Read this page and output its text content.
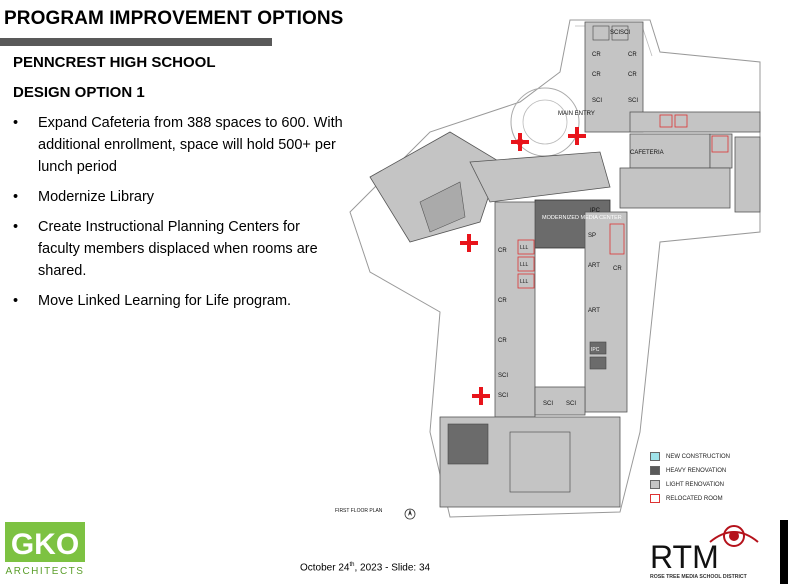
PROGRAM IMPROVEMENT OPTIONS
PENNCREST HIGH SCHOOL
DESIGN OPTION 1
• Expand Cafeteria from 388 spaces to 600. With additional enrollment, space will hold 500+ per lunch period
• Modernize Library
• Create Instructional Planning Centers for faculty members displaced when rooms are shared.
• Move Linked Learning for Life program.
SCI SCI
CR	CR
CR	CR
SCI	SCI
MAIN ENTRY
CAFETERIA
MODERNIZED MEDIA CENTER
LLL
LLL
LLL
CR
CR
CR
SCI
SCI
SP
ART
ART
CR
IPC
IPC
SCI SCI
FIRST FLOOR PLAN
NEW CONSTRUCTION
HEAVY RENOVATION
LIGHT RENOVATION
RELOCATED ROOM
GKO
ARCHITECTS	October 24th, 2023 - Slide: 34	RTM
ROSE TREE MEDIA SCHOOL DISTRICT
